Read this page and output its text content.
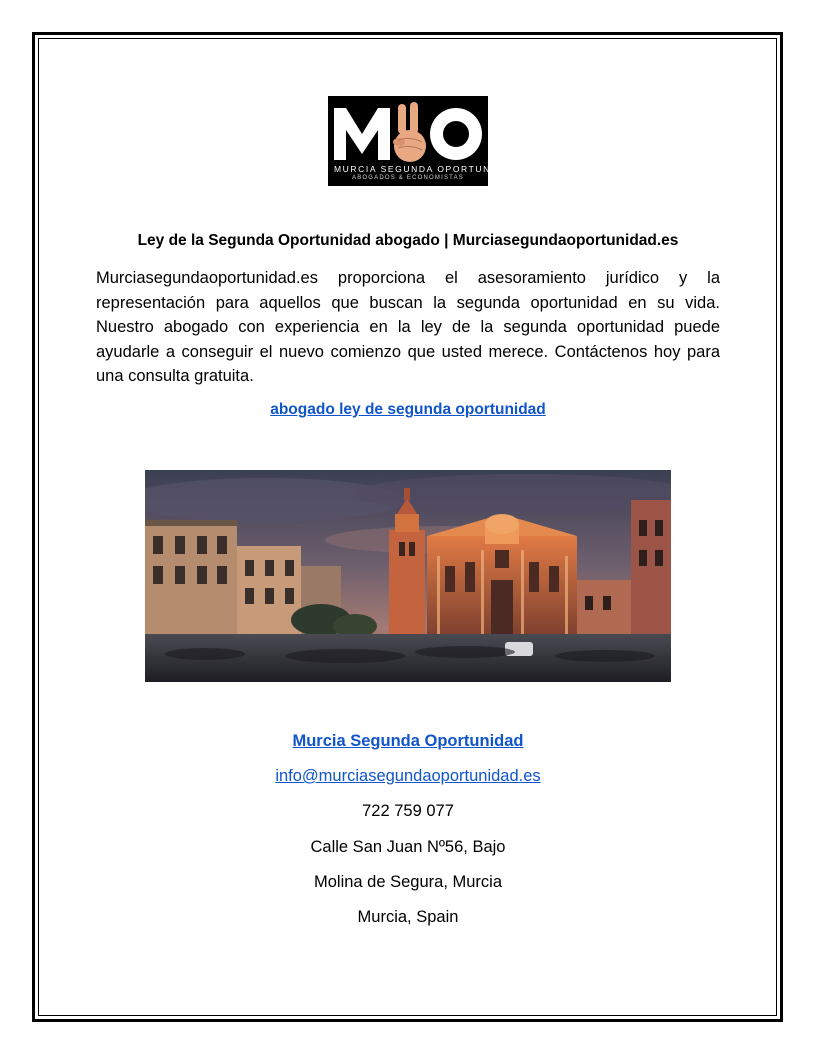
MURCIA SEGUNDA OPORTUNIDAD
ABOGADOS & ECONOMISTAS
Ley de la Segunda Oportunidad abogado | Murciasegundaoportunidad.es

Murciasegundaoportunidad.es proporciona el asesoramiento jurídico y la representación para aquellos que buscan la segunda oportunidad en su vida. Nuestro abogado con experiencia en la ley de la segunda oportunidad puede ayudarle a conseguir el nuevo comienzo que usted merece. Contáctenos hoy para una consulta gratuita.

abogado ley de segunda oportunidad
Murcia Segunda Oportunidad
info@murciasegundaoportunidad.es
722 759 077
Calle San Juan Nº56, Bajo
Molina de Segura, Murcia
Murcia, Spain
